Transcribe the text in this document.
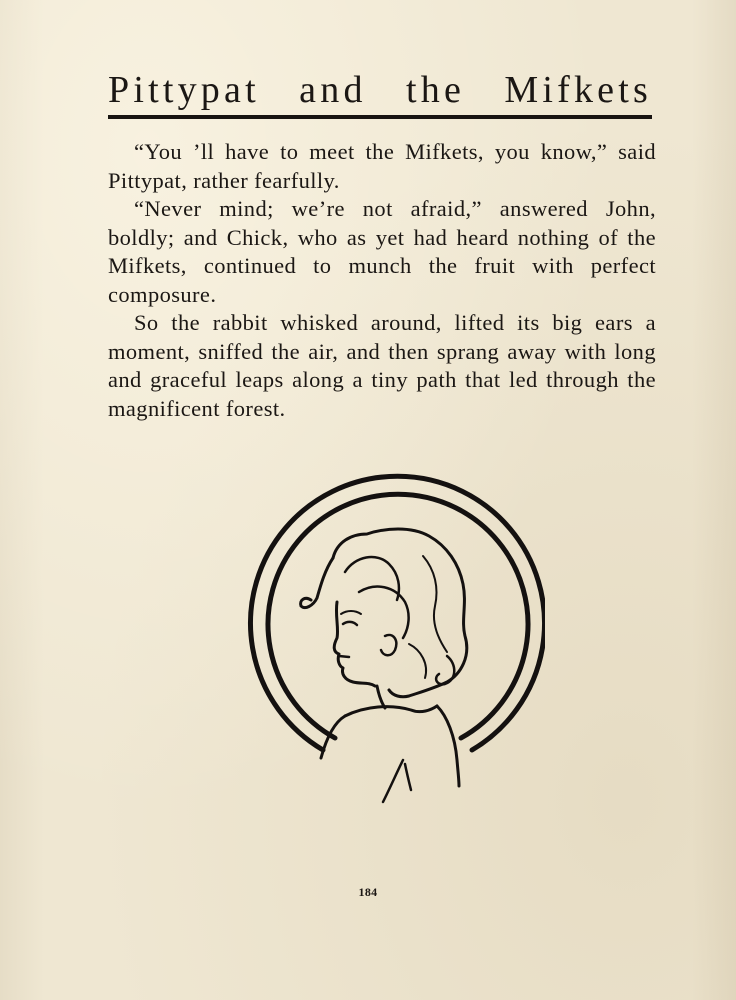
Pittypat and the Mifkets

“You ’ll have to meet the Mifkets, you know,” said Pittypat, rather fearfully.

“Never mind; we’re not afraid,” answered John, boldly; and Chick, who as yet had heard nothing of the Mifkets, continued to munch the fruit with perfect composure.

So the rabbit whisked around, lifted its big ears a moment, sniffed the air, and then sprang away with long and graceful leaps along a tiny path that led through the magnificent forest.

184
